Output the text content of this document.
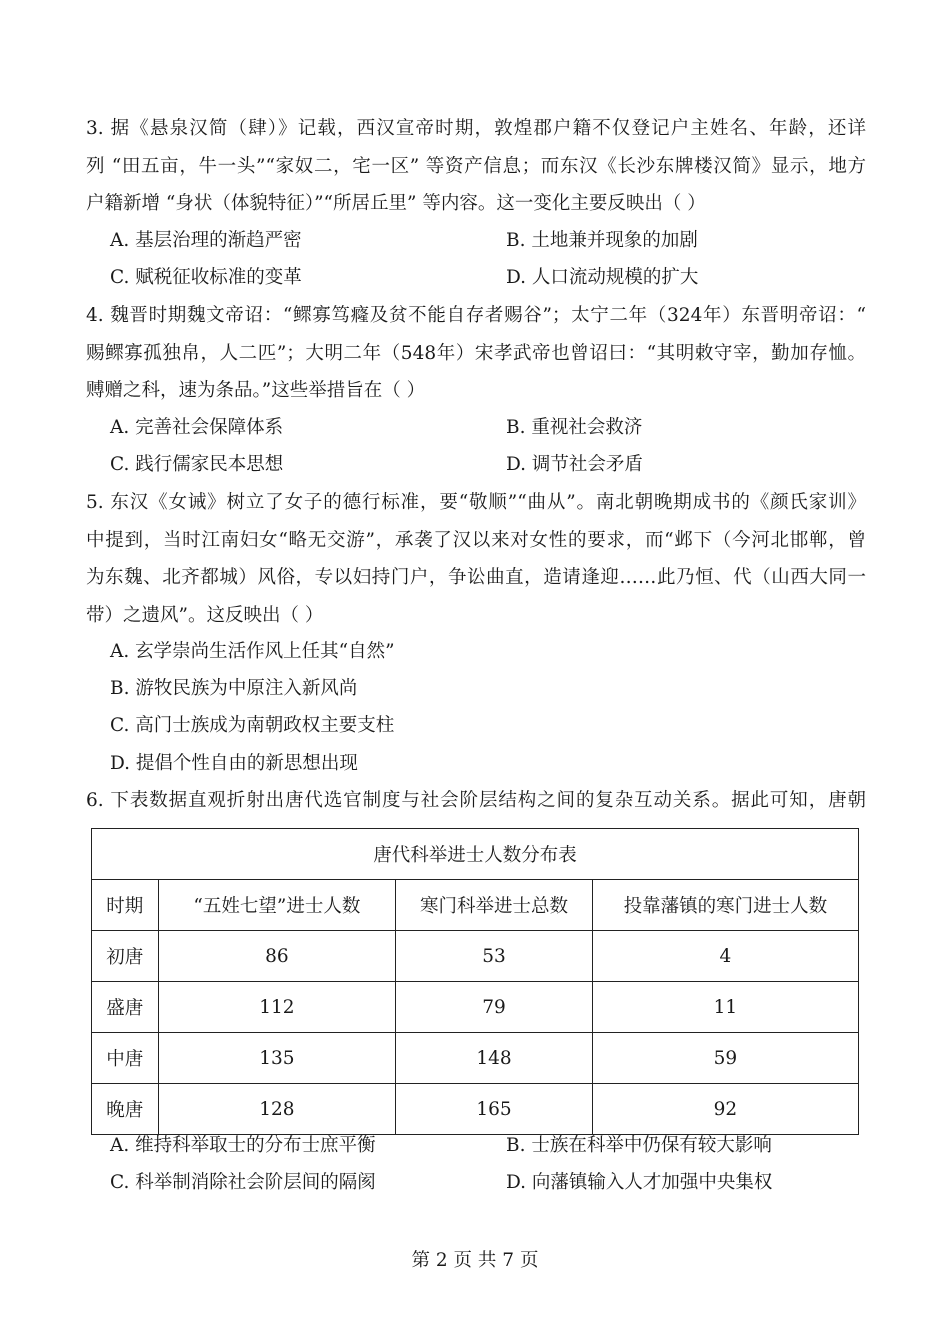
3. 据《悬泉汉简（肆）》记载，西汉宣帝时期，敦煌郡户籍不仅登记户主姓名、年龄，还详
列 “田五亩，牛一头”“家奴二，宅一区” 等资产信息；而东汉《长沙东牌楼汉简》显示，地方
户籍新增 “身状（体貌特征）”“所居丘里” 等内容。这一变化主要反映出（ ）
A. 基层治理的渐趋严密	B. 土地兼并现象的加剧
C. 赋税征收标准的变革	D. 人口流动规模的扩大
4. 魏晋时期魏文帝诏：“鳏寡笃癃及贫不能自存者赐谷”；太宁二年（324年）东晋明帝诏：“
赐鳏寡孤独帛，人二匹”；大明二年（548年）宋孝武帝也曾诏曰：“其明敕守宰，勤加存恤。
赙赠之科，速为条品。”这些举措旨在（ ）
A. 完善社会保障体系	B. 重视社会救济
C. 践行儒家民本思想	D. 调节社会矛盾
5. 东汉《女诫》树立了女子的德行标准，要“敬顺”“曲从”。南北朝晚期成书的《颜氏家训》
中提到，当时江南妇女“略无交游”，承袭了汉以来对女性的要求，而“邺下（今河北邯郸，曾
为东魏、北齐都城）风俗，专以妇持门户，争讼曲直，造请逢迎……此乃恒、代（山西大同一
带）之遗风”。这反映出（ ）
A. 玄学崇尚生活作风上任其“自然”
B. 游牧民族为中原注入新风尚
C. 高门士族成为南朝政权主要支柱
D. 提倡个性自由的新思想出现
6. 下表数据直观折射出唐代选官制度与社会阶层结构之间的复杂互动关系。据此可知，唐朝
唐代科举进士人数分布表			
时期	“五姓七望”进士人数	寒门科举进士总数	投靠藩镇的寒门进士人数
初唐	86	53	4
盛唐	112	79	11
中唐	135	148	59
晚唐	128	165	92
A. 维持科举取士的分布士庶平衡	B. 士族在科举中仍保有较大影响
C. 科举制消除社会阶层间的隔阂	D. 向藩镇输入人才加强中央集权
第 2 页 共 7 页
